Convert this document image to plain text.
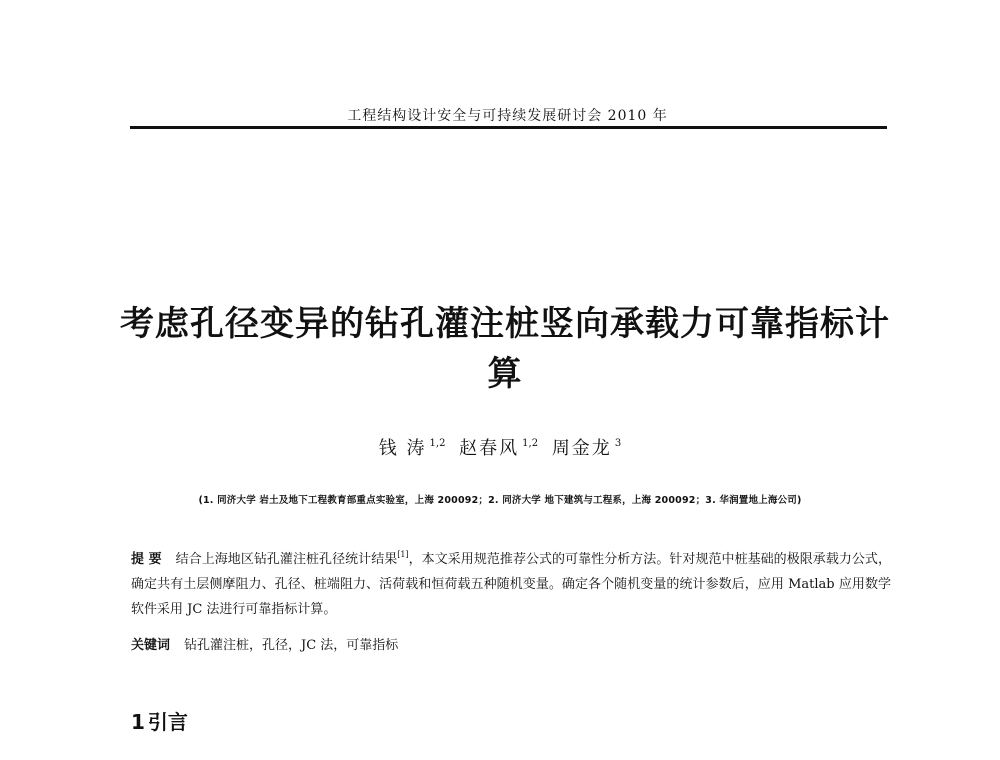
工程结构设计安全与可持续发展研讨会 2010 年
考虑孔径变异的钻孔灌注桩竖向承载力可靠指标计算
钱 涛 $^{1,2}$ 赵春风 $^{1,2}$ 周金龙 $^3$
(1. 同济大学 岩土及地下工程教育部重点实验室，上海 200092；2. 同济大学 地下建筑与工程系，上海 200092；3. 华润置地上海公司)

提 要 结合上海地区钻孔灌注桩孔径统计结果[1]，本文采用规范推荐公式的可靠性分析方法。针对规范中桩基础的极限承载力公式，确定共有土层侧摩阻力、孔径、桩端阻力、活荷载和恒荷载五种随机变量。确定各个随机变量的统计参数后，应用 Matlab 应用数学软件采用 JC 法进行可靠指标计算。

关键词 钻孔灌注桩，孔径，JC 法，可靠指标

1 引言
